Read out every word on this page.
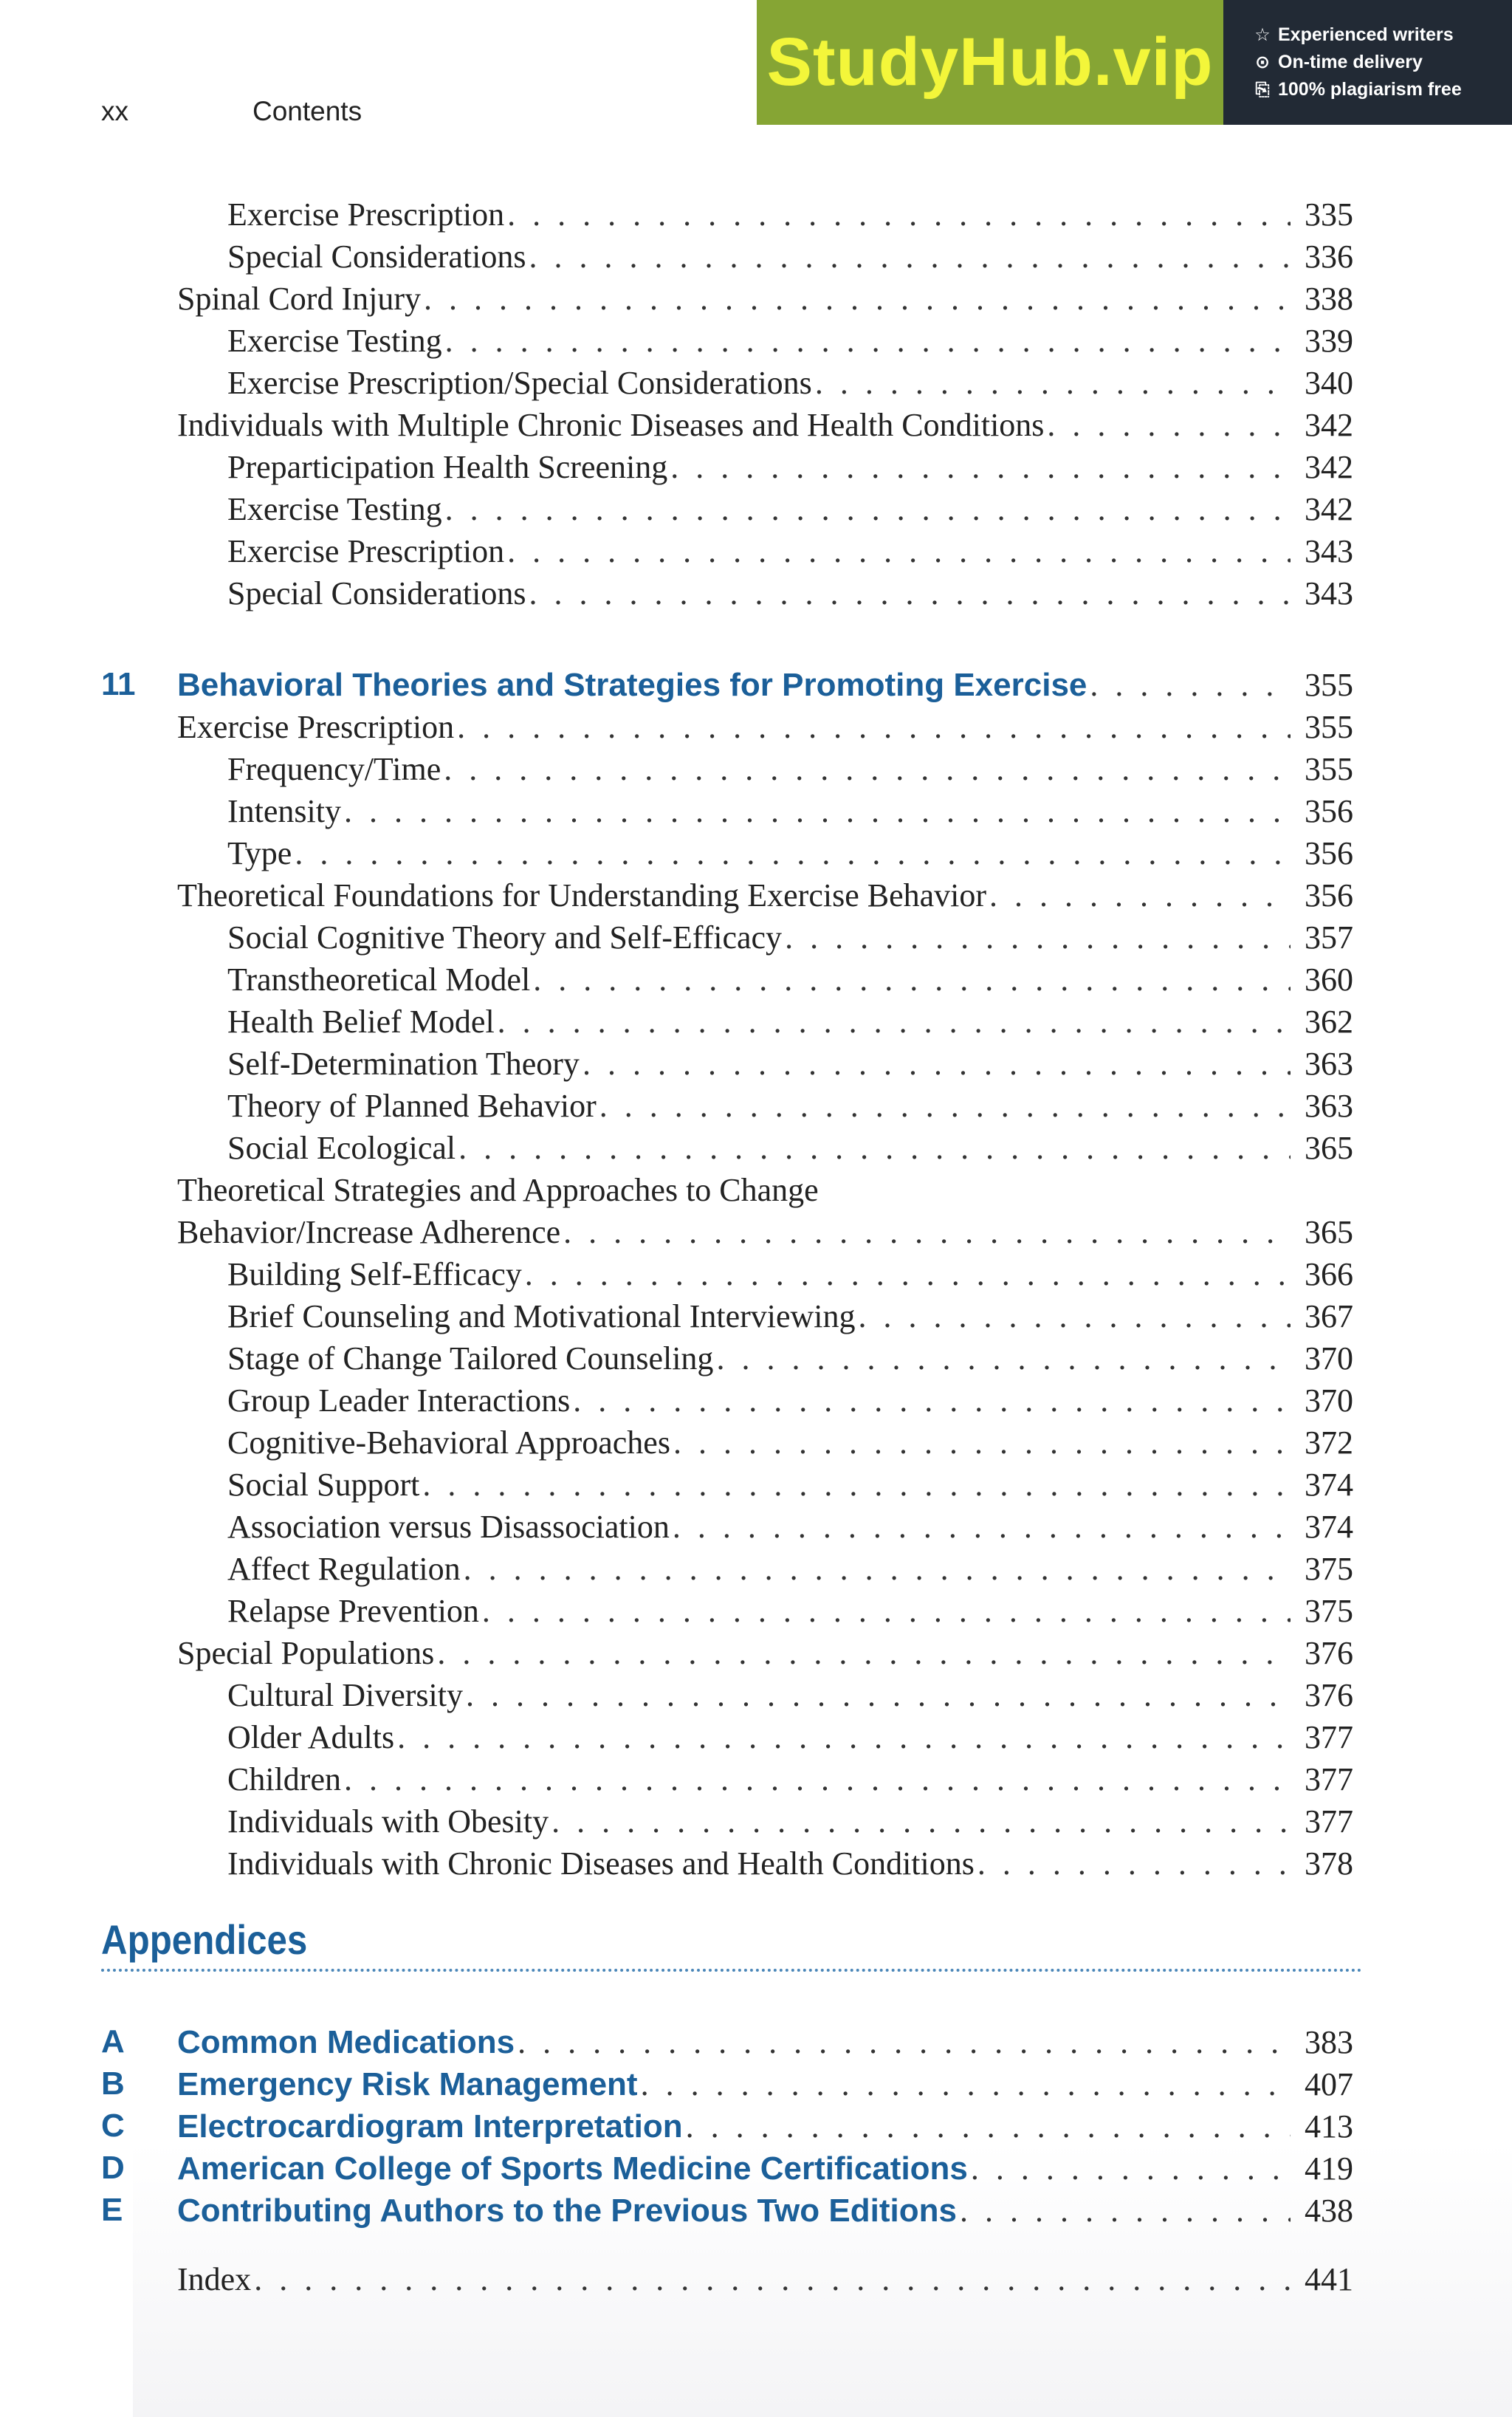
xx	Contents
StudyHub.vip	☆ Experienced writers
⊙ On-time delivery
⎘ 100% plagiarism free
Exercise Prescription . . .	335
Special Considerations . . .	336
Spinal Cord Injury . . .	338
Exercise Testing . . .	339
Exercise Prescription/Special Considerations . . .	340
Individuals with Multiple Chronic Diseases and Health Conditions . . .	342
Preparticipation Health Screening . . .	342
Exercise Testing . . .	342
Exercise Prescription . . .	343
Special Considerations . . .	343
11	Behavioral Theories and Strategies for Promoting Exercise . . .	355
Exercise Prescription . . .	355
Frequency/Time . . .	355
Intensity . . .	356
Type . . .	356
Theoretical Foundations for Understanding Exercise Behavior . . .	356
Social Cognitive Theory and Self-Efficacy . . .	357
Transtheoretical Model . . .	360
Health Belief Model . . .	362
Self-Determination Theory . . .	363
Theory of Planned Behavior . . .	363
Social Ecological . . .	365
Theoretical Strategies and Approaches to Change
Behavior/Increase Adherence . . .	365
Building Self-Efficacy . . .	366
Brief Counseling and Motivational Interviewing . . .	367
Stage of Change Tailored Counseling . . .	370
Group Leader Interactions . . .	370
Cognitive-Behavioral Approaches . . .	372
Social Support . . .	374
Association versus Disassociation . . .	374
Affect Regulation . . .	375
Relapse Prevention . . .	375
Special Populations . . .	376
Cultural Diversity . . .	376
Older Adults . . .	377
Children . . .	377
Individuals with Obesity . . .	377
Individuals with Chronic Diseases and Health Conditions . . .	378
Appendices
A	Common Medications . . .	383
B	Emergency Risk Management . . .	407
C	Electrocardiogram Interpretation . . .	413
D	American College of Sports Medicine Certifications . . .	419
E	Contributing Authors to the Previous Two Editions . . .	438
Index . . .	441
